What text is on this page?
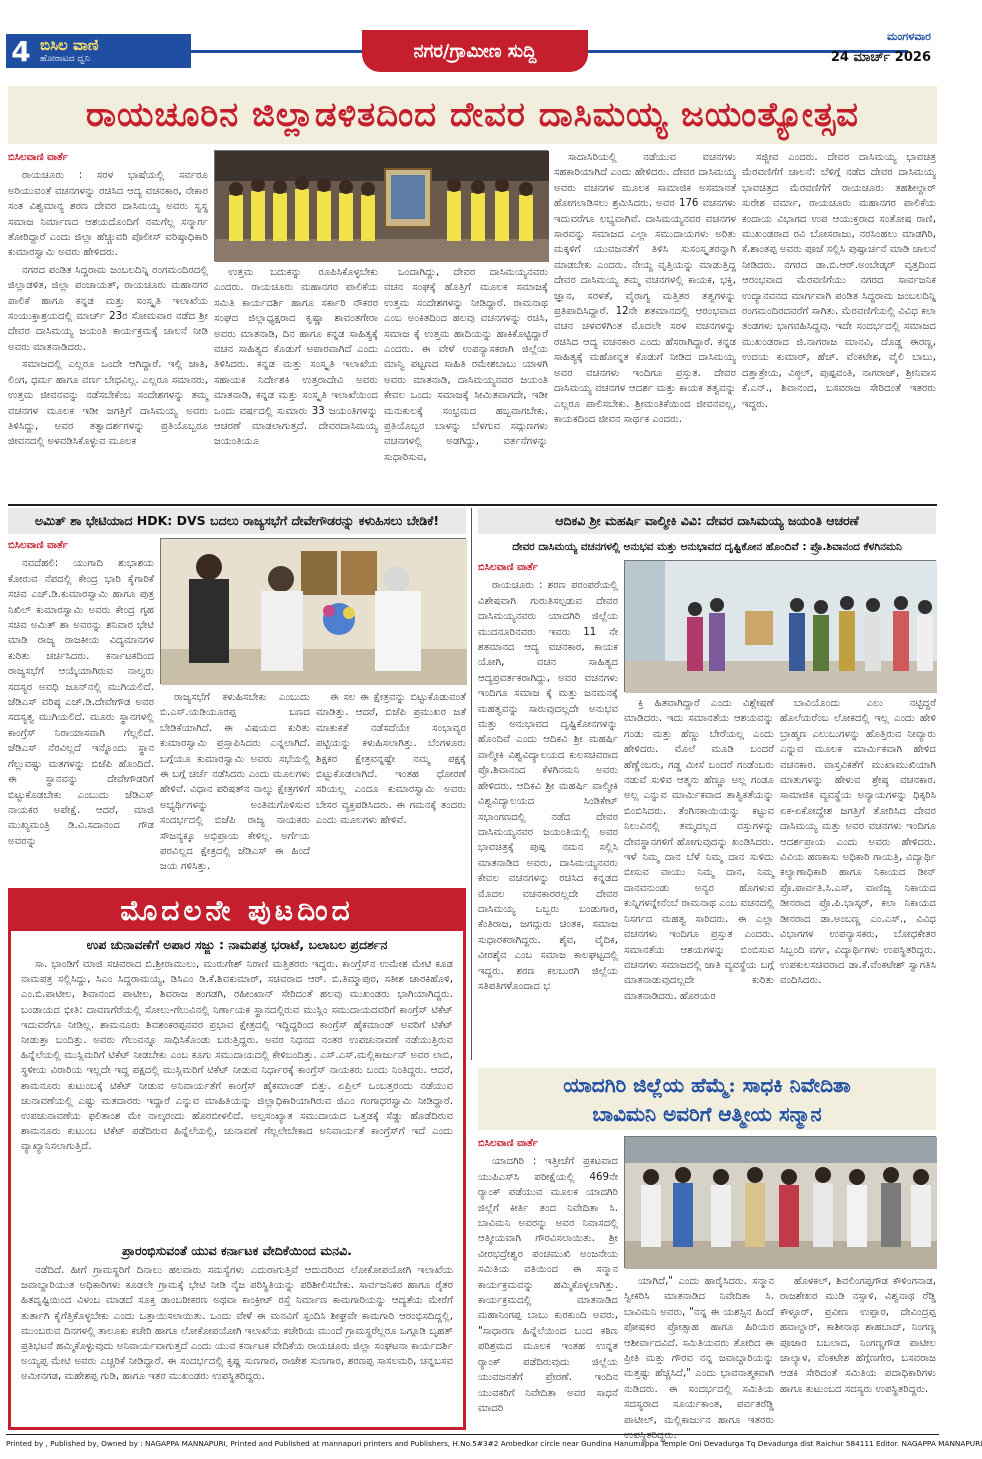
4 ಬಿಸಿಲ ವಾಣಿ
ಹೋರಾಟದ ಧ್ವನಿ	ನಗರ/ಗ್ರಾಮೀಣ ಸುದ್ದಿ
ಮಂಗಳವಾರ
24 ಮಾರ್ಚ್ 2026
ರಾಯಚೂರಿನ ಜಿಲ್ಲಾಡಳಿತದಿಂದ ದೇವರ ದಾಸಿಮಯ್ಯ ಜಯಂತ್ಯೋತ್ಸವ
ಬಿಸಿಲವಾಣಿ ವಾರ್ತೆ

ರಾಯಚೂರು : ಸರಳ ಭಾಷೆಯಲ್ಲಿ ಸರ್ವರೂ ಅರಿಯುವಂತೆ ವಚನಗಳನ್ನು ರಚಿಸಿದ ಆದ್ಯ ವಚನಕಾರ, ನೇಕಾರ ಸಂತ ವಿಶ್ವಮಾನ್ಯ ಶರಣ ದೇವರ ದಾಸಿಮಯ್ಯ ಅವರು ಸ್ವಸ್ಥ ಸಮಾಜ ನಿರ್ಮಾಣದ ಆಶಯದೊಂದಿಗೆ ನಮಗೆಲ್ಲ ಸನ್ಮಾರ್ಗ ತೋರಿದ್ದಾರೆ ಎಂದು ಜಿಲ್ಲಾ ಹೆಚ್ಚುವರಿ ಪೊಲೀಸ್ ವರಿಷ್ಠಾಧಿಕಾರಿ ಕುಮಾರಸ್ವಾಮಿ ಅವರು ಹೇಳಿದರು.

ನಗರದ ಪಂಡಿತ ಸಿದ್ದರಾಮ ಜಂಬಲದಿನ್ನಿ ರಂಗಮಂದಿರದಲ್ಲಿ ಜಿಲ್ಲಾಡಳಿತ, ಜಿಲ್ಲಾ ಪಂಚಾಯತ್, ರಾಯಚೂರು ಮಹಾನಗರ ಪಾಲಿಕೆ ಹಾಗೂ ಕನ್ನಡ ಮತ್ತು ಸಂಸ್ಕೃತಿ ಇಲಾಖೆಯ ಸಂಯುಕ್ತಾಶ್ರಯದಲ್ಲಿ ಮಾರ್ಚ್ 23ರ ಸೋಮವಾರ ನಡೆದ ಶ್ರೀ ದೇವರ ದಾಸಿಮಯ್ಯ ಜಯಂತಿ ಕಾರ್ಯಕ್ರಮಕ್ಕೆ ಚಾಲನೆ ನೀಡಿ ಅವರು ಮಾತನಾಡಿದರು.

ಸಮಾಜದಲ್ಲಿ ಎಲ್ಲರೂ ಒಂದೇ ಆಗಿದ್ದಾರೆ. ಇಲ್ಲಿ ಜಾತಿ, ಲಿಂಗ, ಧರ್ಮ ಹಾಗೂ ವರ್ಣ ಬೇಧವಿಲ್ಲ. ಎಲ್ಲರೂ ಸಮಾನರು, ಉತ್ತಮ ಜೀವನವನ್ನು ನಡೆಸಬೇಕೆಂಬ ಸಂದೇಶಗಳನ್ನು ತಮ್ಮ ವಚನಗಳ ಮೂಲಕ ಇಡೀ ಜಗತ್ತಿಗೆ ದಾಸಿಮಯ್ಯ ಅವರು ತಿಳಿಸಿದ್ದು, ಅವರ ತತ್ವಾದರ್ಶಗಳನ್ನು ಪ್ರತಿಯೊಬ್ಬರೂ ಜೀವನದಲ್ಲಿ ಅಳವಡಿಸಿಕೊಳ್ಳುವ ಮೂಲಕ

ಉತ್ತಮ ಬದುಕನ್ನು ರೂಪಿಸಿಕೊಳ್ಳಬೇಕು ಎಂದರು. ರಾಯಚೂರು ಮಹಾನಗರ ಪಾಲಿಕೆಯ ಸಮಿತಿ ಕಾರ್ಯದರ್ಶಿ ಹಾಗೂ ಸರ್ಕಾರಿ ನೌಕರರ ಸಂಘದ ಜಿಲ್ಲಾಧ್ಯಕ್ಷರಾದ ಕೃಷ್ಣಾ ಶಾವಂತಗೇರಾ ಅವರು ಮಾತನಾಡಿ, ದಿನ ಹಾಗೂ ಕನ್ನಡ ಸಾಹಿತ್ಯಕ್ಕೆ ವಚನ ಸಾಹಿತ್ಯದ ಕೊಡುಗೆ ಅಪಾರವಾಗಿದೆ ಎಂದು ತಿಳಿಸಿದರು. ಕನ್ನಡ ಮತ್ತು ಸಂಸ್ಕೃತಿ ಇಲಾಖೆಯ ಸಹಾಯಕ ನಿರ್ದೇಶಕಿ ಉತ್ತರಾದೇವಿ ಅವರು ಮಾತನಾಡಿ, ಕನ್ನಡ ಮತ್ತು ಸಂಸ್ಕೃತಿ ಇಲಾಖೆಯಿಂದ ಒಂದು ವರ್ಷದಲ್ಲಿ ಸುಮಾರು 33 ಜಯಂತಿಗಳನ್ನು ಆಚರಣೆ ಮಾಡಲಾಗುತ್ತದೆ. ದೇವರದಾಸಿಮಯ್ಯ ಜಯಂತಿಯೂ

ಒಂದಾಗಿದ್ದು, ದೇವರ ದಾಸಿಮಯ್ಯನವರು ವಚನ ಸಂಘಕ್ಕೆ ಹೊತ್ತಿಗೆ ಮೂಲಕ ಸಮಾಜಕ್ಕೆ ಉತ್ತಮ ಸಂದೇಶಗಳನ್ನು ನೀಡಿದ್ದಾರೆ. ರಾಮನಾಥ ಎಂಬ ಅಂಕಿತದಿಂದ ಹಲವು ವಚನಗಳನ್ನು ರಚಿಸಿ, ಸಮಾಜ ಕ್ಕೆ ಉತ್ತಮ ಹಾದಿಯನ್ನು ಹಾಕಿಕೊಟ್ಟಿದ್ದಾರೆ ಎಂದರು. ಈ ವೇಳೆ ಉಪನ್ಯಾಸಕರಾಗಿ ಜಿಲ್ಲೆಯ ಮಾನ್ವಿ ಪಟ್ಟಣದ ಸಾಹಿತಿ ರಮೇಶಬಾಬು ಯಾಳಗಿ ಅವರು ಮಾತನಾಡಿ, ದಾಸಿಮಯ್ಯನವರ ಜಯಂತಿ ಕೇವಲ ಒಂದು ಸಮಾಜಕ್ಕೆ ಸೀಮಿತವಾಗದೇ, ಇಡೀ ಮನುಕುಲಕ್ಕೆ ಸಂಭ್ರಮದ ಹಬ್ಬವಾಗಬೇಕು. ಪ್ರತಿಯೊಬ್ಬರ ಬಾಳನ್ನು ಬೆಳಗುವ ಸದ್ಗುಣಗಳು ವಚನಗಳಲ್ಲಿ ಅಡಗಿದ್ದು, ವರ್ತನೆಗಳನ್ನು ಸುಧಾರಿಸುವ,

ಸಾದಾಸಿರಿಯಲ್ಲಿ ನಡೆಯುವ ವಚನಗಳು ಸಹಕಾರಿಯಾಗಿದೆ ಎಂದು ಹೇಳಿದರು. ದೇವರ ದಾಸಿಮಯ್ಯ ಅವರು ವಚನಗಳ ಮೂಲಕ ಸಾಮಾಜಿಕ ಅಸಮಾನತೆ ಹೋಗಲಾಡಿಸಲು ಶ್ರಮಿಸಿದರು. ಅವರ 176 ವಚನಗಳು ಇದುವರೆಗೂ ಲಭ್ಯವಾಗಿವೆ. ದಾಸಿಮಯ್ಯನವರ ವಚನಗಳ ಸಾರವನ್ನು ಸಮಾಜದ ಎಲ್ಲಾ ಸಮುದಾಯಗಳು ಅರಿತು ಮಕ್ಕಳಿಗೆ ಯುವಜನತೆಗೆ ತಿಳಿಸಿ ಸುಸಂಸ್ಕೃತರನ್ನಾಗಿ ಮಾಡಬೇಕು ಎಂದರು. ನೇಯ್ದ ವೃತ್ತಿಯನ್ನು ಮಾಡುತ್ತಿದ್ದ ದೇವರ ದಾಸಿಮಯ್ಯ ತಮ್ಮ ವಚನಗಳಲ್ಲಿ ಕಾಯಕ, ಭಕ್ತಿ, ಜ್ಞಾನ, ಸರಳತೆ, ವೈರಾಗ್ಯ ಮತ್ತಿತರ ತತ್ವಗಳನ್ನು ಪ್ರತಿಪಾದಿಸಿದ್ದಾರೆ. 12ನೇ ಶತಮಾನದಲ್ಲಿ ಆರಂಭವಾದ ವಚನ ಚಳವಳಿಗಿಂತ ಮೊದಲೇ ಸರಳ ವಚನಗಳನ್ನು ರಚಿಸಿದ ಆದ್ಯ ವಚನಕಾರ ಎಂದು ಹೆಸರಾಗಿದ್ದಾರೆ. ಕನ್ನಡ ಸಾಹಿತ್ಯಕ್ಕೆ ಮಹೋನ್ನತ ಕೊಡುಗೆ ನೀಡಿದ ದಾಸಿಮಯ್ಯ ಅವರ ವಚನಗಳು ಇಂದಿಗೂ ಪ್ರಸ್ತುತ. ದೇವರ ದಾಸಿಮಯ್ಯ ವಚನಗಳ ಆದರ್ಶ ಮತ್ತು ಕಾಯಕ ತತ್ವವನ್ನು ಎಲ್ಲರೂ ಪಾಲಿಸಬೇಕು. ಶ್ರೀಮಂತಿಕೆಯಿಂದ ಜೀವನವಲ್ಲ, ಕಾಯಕದಿಂದ ಜೀವನ ಸಾರ್ಥಕ ಎಂದರು.

ಸಜ್ಜೀವ ಎಂದರು. ದೇವರ ದಾಸಿಮಯ್ಯ ಭಾವಚಿತ್ರ ಮೆರವಣಿಗೆಗೆ ಚಾಲನೆ: ಬೆಳಿಗ್ಗೆ ನಡೆದ ದೇವರ ದಾಸಿಮಯ್ಯ ಭಾವಚಿತ್ರದ ಮೆರವಣಿಗೆಗೆ ರಾಯಚೂರು ತಹಶೀಲ್ದಾರ್ ಸುರೇಶ ವರ್ಮಾ, ರಾಯಚೂರು ಮಹಾನಗರ ಪಾಲಿಕೆಯ ಕಂದಾಯ ವಿಭಾಗದ ಉಪ ಆಯುಕ್ತರಾದ ಸಂತೋಷ ರಾಣಿ, ಮುಖಂಡರಾದ ರವಿ ಬೋಸರಾಜು, ನರಸಿಂಹಲು ಮಾಡಗಿರಿ, ಕೆ.ಶಾಂತಪ್ಪ ಅವರು ಪೂಜೆ ಸಲ್ಲಿಸಿ ಪುಷ್ಪಾರ್ಚನೆ ಮಾಡಿ ಚಾಲನೆ ನೀಡಿದರು. ನಗರದ ಡಾ.ಬಿ.ಆರ್.ಅಂಬೇಡ್ಕರ್ ವೃತ್ತದಿಂದ ಆರಂಭವಾದ ಮೆರವಣಿಗೆಯು ನಗರದ ಸಾರ್ವಜನಿಕ ಉದ್ಯಾನವನದ ಮಾರ್ಗವಾಗಿ ಪಂಡಿತ ಸಿದ್ಧರಾಮ ಜಂಬಲದಿನ್ನಿ ರಂಗಮಂದಿರದವರೆಗೆ ಸಾಗಿತು. ಮೆರವಣಿಗೆಯಲ್ಲಿ ವಿವಿಧ ಕಲಾ ತಂಡಗಳು ಭಾಗವಹಿಸಿದ್ದವು. ಇದೇ ಸಂದರ್ಭದಲ್ಲಿ ಸಮಾಜದ ಮುಖಂಡರಾದ ಜಿ.ನಾಗರಾಜ ಮಾನವಿ, ದೊಡ್ಡ ಈರಣ್ಣ, ಉದಯ ಕುಮಾರ್, ಹೆಚ್. ವೆಂಕಟೇಶ, ವೈಲಿ ಬಾಬು, ದತ್ತಾತ್ರೇಯ, ವಿಠ್ಠಲ್, ಪುಷ್ಪವಂತಿ, ನಾಗರಾಜ್, ಶ್ರೀನಿವಾಸ ಕೆ.ಎನ್., ಶಿವಾನಂದ, ಬಸವರಾಜ ಸೇರಿದಂತೆ ಇತರರು ಇದ್ದರು.

ಅಮಿತ್ ಶಾ ಭೇಟಿಯಾದ HDK: DVS ಬದಲು ರಾಜ್ಯಸಭೆಗೆ ದೇವೇಗೌಡರನ್ನು ಕಳುಹಿಸಲು ಬೇಡಿಕೆ!
ಬಿಸಿಲವಾಣಿ ವಾರ್ತೆ

ನವದೆಹಲಿ: ಯುಗಾದಿ ಶುಭಾಶಯ ಕೋರುವ ನೆಪದಲ್ಲಿ ಕೇಂದ್ರ ಭಾರಿ ಕೈಗಾರಿಕೆ ಸಚಿವ ಎಚ್.ಡಿ.ಕುಮಾರಸ್ವಾಮಿ ಹಾಗೂ ಪುತ್ರ ನಿಖಿಲ್ ಕುಮಾರಸ್ವಾಮಿ ಅವರು ಕೇಂದ್ರ ಗೃಹ ಸಚಿವ ಅಮಿತ್ ಶಾ ಅವರನ್ನು ಶನಿವಾರ ಭೇಟಿ ಮಾಡಿ ರಾಜ್ಯ ರಾಜಕೀಯ ವಿದ್ಯಮಾನಗಳ ಕುರಿತು ಚರ್ಚಿಸಿದರು. ಕರ್ನಾಟಕದಿಂದ ರಾಜ್ಯಸಭೆಗೆ ಆಯ್ಕೆಯಾಗಿರುವ ನಾಲ್ವರು ಸದಸ್ಯರ ಅವಧಿ ಜೂನ್‌ನಲ್ಲಿ ಮುಗಿಯಲಿದೆ. ಜೆಡಿಎಸ್ ವರಿಷ್ಠ ಎಚ್.ಡಿ.ದೇವೇಗೌಡ ಅವರ ಸದಸ್ಯತ್ವ ಮುಗಿಯಲಿದೆ. ಮೂರು ಸ್ಥಾನಗಳಲ್ಲಿ ಕಾಂಗ್ರೆಸ್ ನಿರಾಯಾಸವಾಗಿ ಗೆಲ್ಲಲಿದೆ. ಜೆಡಿಎಸ್ ನೆರವಿಲ್ಲದೆ ಇನ್ನೊಂದು ಸ್ಥಾನ ಗೆಲ್ಲುವಷ್ಟು ಮತಗಳನ್ನು ಬಿಜೆಪಿ ಹೊಂದಿದೆ. ಈ ಸ್ಥಾನವನ್ನು ದೇವೇಗೌಡರಿಗೆ ಬಿಟ್ಟುಕೊಡಬೇಕು ಎಂಬುದು ಜೆಡಿಎಸ್ ನಾಯಕರ ಅಪೇಕ್ಷೆ. ಆದರೆ, ಮಾಜಿ ಮುಖ್ಯಮಂತ್ರಿ ಡಿ.ವಿ.ಸದಾನಂದ ಗೌಡ ಅವರನ್ನು

ರಾಜ್ಯಸಭೆಗೆ ಕಳುಹಿಸಬೇಕು ಎಂಬುದು ಬಿ.ಎಸ್.ಯಡಿಯೂರಪ್ಪ ಬಣದ ಬೇಡಿಕೆಯಾಗಿದೆ. ಈ ವಿಷಯದ ಕುರಿತು ಕುಮಾರಸ್ವಾಮಿ ಪ್ರಸ್ತಾಪಿಸಿದರು ಎನ್ನಲಾಗಿದೆ. ಬಗ್ಗೆಯೂ ಕುಮಾರಸ್ವಾಮಿ ಅವರು ಸಭೆಯಲ್ಲಿ ಈ ಬಗ್ಗೆ ಚರ್ಚೆ ನಡೆಸಿದರು ಎಂದು ಮೂಲಗಳು ಹೇಳಿವೆ. ವಿಧಾನ ಪರಿಷತ್‌ನ ನಾಲ್ಕು ಕ್ಷೇತ್ರಗಳಿಗೆ ಅಭ್ಯರ್ಥಿಗಳನ್ನು ಅಂತಿಮಗೊಳಿಸುವ ಸಂದರ್ಭದಲ್ಲಿ ಬಿಜೆಪಿ ರಾಜ್ಯ ನಾಯಕರು ಸೌಜನ್ಯಕ್ಕೂ ಅಭಿಪ್ರಾಯ ಕೇಳಿಲ್ಲ. ಅರ್ಗೆಯ ಪರವಿಲ್ಲದ ಕ್ಷೇತ್ರದಲ್ಲಿ ಜೆಡಿಎಸ್ ಈ ಹಿಂದೆ ಜಯ ಗಳಿಸಿತ್ತು.

ಈ ಸಲ ಈ ಕ್ಷೇತ್ರವನ್ನು ಬಿಟ್ಟುಕೊಡುವಂತೆ ಮಾಡಿತ್ತು. ಆದರೆ, ಬಿಜೆಪಿ ಪ್ರಮುಖರ ಜತೆ ಮಾತುಕತೆ ನಡೆಸದೆಯೇ ಸಂಭಾವ್ಯರ ಪಟ್ಟಿಯನ್ನು ಕಳುಹಿಸಲಾಗಿತ್ತು. ಬೆಂಗಳೂರು ಶಿಕ್ಷಕರ ಕ್ಷೇತ್ರವನ್ನಷ್ಟೇ ನಮ್ಮ ಪಕ್ಷಕ್ಕೆ ಬಿಟ್ಟುಕೊಡಲಾಗಿದೆ. ಇಂತಹ ಧೋರಣೆ ಸರಿಯಲ್ಲ ಎಂದೂ ಕುಮಾರಸ್ವಾಮಿ ಅವರು ಬೇಸರ ವ್ಯಕ್ತಪಡಿಸಿದರು. ಈ ಗಮನಕ್ಕೆ ತಂದರು ಎಂದು ಮೂಲಗಳು ಹೇಳಿವೆ.

ಮೊದಲನೇ ಪುಟದಿಂದ
ಉಪ ಚುನಾವಣೆಗೆ ಅಪಾರ ಸಜ್ಜು : ನಾಮಪತ್ರ ಭರಾಟೆ, ಬಲಾಬಲ ಪ್ರದರ್ಶನ

ಸಾ. ಭಾಂಡಿಗೆ ಮಾಜಿ ಸಚಿವರಾದ ಬಿ.ಶ್ರೀರಾಮುಲು, ಮುರುಗೇಶ್ ನಿರಾಣಿ ಮತ್ತಿತರರು ಇದ್ದರು. ಕಾಂಗ್ರೆಸ್‌ನ ಉಮೇಶ ಮೇಟಿ ಕೂಡ ನಾಮಪತ್ರ ಸಲ್ಲಿಸಿದ್ದು, ಸಿಎಂ ಸಿದ್ದರಾಮಯ್ಯ, ಡಿಸಿಎಂ ಡಿ.ಕೆ.ಶಿವಕುಮಾರ್, ಸಚಿವರಾದ ಆರ್. ಬಿ.ತಿಮ್ಮಾಪುರ, ಸತೀಶ ಜಾರಕಿಹೊಳಿ, ಎಂ.ಬಿ.ಪಾಟೀಲ, ಶಿವಾನಂದ ಪಾಟೀಲ, ಶಿವರಾಜ ತಂಗಡಗಿ, ರಹೀಂಖಾನ್ ಸೇರಿದಂತೆ ಹಲವು ಮುಖಂಡರು ಭಾಗಿಯಾಗಿದ್ದರು. ಬಂಡಾಯದ ಭೀತಿ: ದಾವಣಗೆರೆಯಲ್ಲಿ ಸೋಲು-ಗೆಲುವಿನಲ್ಲಿ ನಿರ್ಣಾಯಕ ಸ್ಥಾನದಲ್ಲಿರುವ ಮುಸ್ಲಿಂ ಸಮುದಾಯದವರಿಗೆ ಕಾಂಗ್ರೆಸ್ ಟಿಕೆಟ್ ಇದುವರೆಗೂ ನೀಡಿಲ್ಲ. ಶಾಮನೂರು ಶಿವಶಂಕರಪ್ಪನವರ ಪ್ರಭಾವ ಕ್ಷೇತ್ರದಲ್ಲಿ ಇದ್ದಿದ್ದರಿಂದ ಕಾಂಗ್ರೆಸ್ ಹೈಕಮಾಂಡ್ ಅವರಿಗೆ ಟಿಕೆಟ್ ನೀಡುತ್ತಾ ಬಂದಿತ್ತು. ಅವರು ಗೆಲುವನ್ನೂ ಸಾಧಿಸಿಕೊಂಡು ಬರುತ್ತಿದ್ದರು. ಅವರ ನಿಧನದ ನಂತರ ಉಪಚುನಾವಣೆ ನಡೆಯುತ್ತಿರುವ ಹಿನ್ನೆಲೆಯಲ್ಲಿ ಮುಸ್ಲಿಮರಿಗೆ ಟಿಕೆಟ್ ನೀಡಬೇಕು ಎಂಬ ಕೂಗು ಸಮುದಾಯದಲ್ಲಿ ಕೇಳಿಬಂದಿತ್ತು. ಎಸ್.ಎಸ್.ಮಲ್ಲಿಕಾರ್ಜುನ್ ಅವರ ಲಾಬಿ, ಸ್ಥಳೀಯ ವಿರಾರಿಯ ಇಲ್ಲದೇ ಇದ್ದ ಪಕ್ಷದಲ್ಲಿ ಮುಸ್ಲಿಮರಿಗೆ ಟಿಕೆಟ್ ನೀಡುವ ನಿರ್ಧಾರಕ್ಕೆ ಕಾಂಗ್ರೆಸ್ ನಾಯಕರು ಬಂದು ನಿಂತಿದ್ದರು. ಆದರೆ, ಶಾಮನೂರು ಕುಟುಂಬಕ್ಕೆ ಟಿಕೆಟ್ ನೀಡುವ ಅನಿವಾರ್ಯತೆಗೆ ಕಾಂಗ್ರೆಸ್ ಹೈಕಮಾಂಡ್ ಬಿತ್ತು. ಏಪ್ರಿಲ್ ಒಂಬತ್ತರಂದು ನಡೆಯುವ ಚುನಾವಣೆಯಲ್ಲಿ ಎಷ್ಟು ಮತದಾರರು ಇದ್ದಾರೆ ಎನ್ನುವ ಮಾಹಿತಿಯನ್ನು ಜಿಲ್ಲಾಧಿಕಾರಿಯಾಗಿರುವ ಜಿಎಂ ಗಂಗಾಧರಸ್ವಾಮಿ ನೀಡಿದ್ದಾರೆ. ಉಪಚುನಾವಣೆಯ ಫಲಿತಾಂಶ ಮೇ ನಾಲ್ಕರಂದು ಹೊರಬೀಳಲಿದೆ. ಅಲ್ಪಸಂಖ್ಯಾತ ಸಮುದಾಯದ ಒತ್ತಡಕ್ಕೆ ಸೆಡ್ಡು ಹೊಡೆದಿರುವ ಶಾಮನೂರು ಕುಟುಂಬ ಟಿಕೆಟ್ ಪಡೆದಿರುವ ಹಿನ್ನೆಲೆಯಲ್ಲಿ, ಚುನಾವಣೆ ಗೆಲ್ಲಲೇಬೇಕಾದ ಅನಿವಾರ್ಯತೆ ಕಾಂಗ್ರೆಸ್‌ಗೆ ಇದೆ ಎಂದು ವ್ಯಾಖ್ಯಾನಿಸಲಾಗುತ್ತಿದೆ.

ಪ್ರಾರಂಭಿಸುವಂತೆ ಯುವ ಕರ್ನಾಟಕ ವೇದಿಕೆಯಿಂದ ಮನವಿ.

ನಡೆದಿದೆ. ಹೀಗೆ ಗ್ರಾಮಸ್ಥರಿಗೆ ದಿನಾಲು ಹಲವಾರು ಸಮಸ್ಯೆಗಳು ಎದುರಾಗುತ್ತಿವೆ ಆದುದರಿಂದ ಲೋಕೋಪಯೋಗಿ ಇಲಾಖೆಯ ಜವಾಬ್ದಾರಿಯುತ ಅಧಿಕಾರಿಗಳು ಕೂಡಲೇ ಗ್ರಾಮಕ್ಕೆ ಭೇಟಿ ನೀಡಿ ನೈಜ ಪರಿಸ್ಥಿತಿಯನ್ನು ಪರಿಶೀಲಿಸಬೇಕು. ಸಾರ್ವಜನಿಕರ ಹಾಗೂ ರೈತರ ಹಿತದೃಷ್ಟಿಯಿಂದ ವಿಳಂಬ ಮಾಡದೆ ಸೂಕ್ತ ಡಾಂಬರೀಕರಣ ಅಥವಾ ಕಾಂಕ್ರೀಟ್ ರಸ್ತೆ ನಿರ್ಮಾಣ ಕಾಮಗಾರಿಯನ್ನು ಆದ್ಯತೆಯ ಮೇರೆಗೆ ತುರ್ತಾಗಿ ಕೈಗೆತ್ತಿಕೊಳ್ಳಬೇಕು ಎಂದು ಒತ್ತಾಯಿಸಲಾಯಿತು. ಒಂದು ವೇಳೆ ಈ ಮನವಿಗೆ ಸ್ಪಂದಿಸಿ ಶೀಘ್ರವೇ ಕಾಮಗಾರಿ ಆರಂಭಿಸದಿದ್ದಲ್ಲಿ, ಮುಂಬರುವ ದಿನಗಳಲ್ಲಿ ತಾಲೂಕು ಕಚೇರಿ ಹಾಗೂ ಲೋಕೋಪಯೋಗಿ ಇಲಾಖೆಯ ಕಚೇರಿಯ ಮುಂದೆ ಗ್ರಾಮಸ್ಥರೆಲ್ಲರೂ ಒಗ್ಗೂಡಿ ಬೃಹತ್ ಪ್ರತಿಭಟನೆ ಹಮ್ಮಿಕೊಳ್ಳುವುದು ಅನಿವಾರ್ಯವಾಗುತ್ತದೆ ಎಂದು ಯುವ ಕರ್ನಾಟಕ ವೇದಿಕೆಯ ರಾಯಚೂರು ಜಿಲ್ಲಾ ಸಂಘಟನಾ ಕಾರ್ಯದರ್ಶಿ ಅಯ್ಯಪ್ಪ ಮೇಟಿ ಅವರು ಎಚ್ಚರಿಕೆ ನೀಡಿದ್ದಾರೆ. ಈ ಸಂದರ್ಭದಲ್ಲಿ ಕೃಷ್ಣ ಸುಣಗಾರ, ರಾಜೇಶ ಸುಣಗಾರ, ಶರಣಪ್ಪ ಸಾಸಲಮರಿ, ಚನ್ನಬಸವ ಅಮೀನಗಡ, ಮಹೇಶಪ್ಪ ಗುಡಿ, ಹಾಗೂ ಇತರ ಮುಖಂಡರು ಉಪಸ್ಥಿತರಿದ್ದರು.

ಆದಿಕವಿ ಶ್ರೀ ಮಹರ್ಷಿ ವಾಲ್ಮೀಕಿ ವಿವಿ: ದೇವರ ದಾಸಿಮಯ್ಯ ಜಯಂತಿ ಆಚರಣೆ
ದೇವರ ದಾಸಿಮಯ್ಯ ವಚನಗಳಲ್ಲಿ ಅನುಭವ ಮತ್ತು ಅನುಭಾವದ ದೃಷ್ಟಿಕೋನ ಹೊಂದಿವೆ : ಪ್ರೊ.ಶಿವಾನಂದ ಕೆಳಗಿನಮನಿ
ಬಿಸಿಲವಾಣಿ ವಾರ್ತೆ

ರಾಯಚೂರು : ಶರಣ ಪರಂಪರೆಯಲ್ಲಿ ವಿಶೇಷವಾಗಿ ಗುರುತಿಸಲ್ಪಡುವ ದೇವರ ದಾಸಿಮಯ್ಯನವರು ಯಾದಗಿರಿ ಜಿಲ್ಲೆಯ ಮುದನೂರಿನವರು ಇವರು 11 ನೇ ಶತಮಾನದ ಆದ್ಯ ವಚನಕಾರ, ಕಾಯಕ ಯೋಗಿ, ವಚನ ಸಾಹಿತ್ಯದ ಆದ್ಯಪ್ರವರ್ತಕರಾಗಿದ್ದು, ಅವರ ವಚನಗಳು ಇಂದಿಗೂ ಸಮಾಜ ಕ್ಕೆ ಮತ್ತು ಜನಮನಕ್ಕೆ ಮಹತ್ವವನ್ನು ಸಾರುವುದಲ್ಲದೇ ಅನುಭವ ಮತ್ತು ಅನುಭಾವದ ದೃಷ್ಟಿಕೋನಗಳನ್ನು ಹೊಂದಿವೆ ಎಂದು ಆದಿಕವಿ ಶ್ರೀ ಮಹರ್ಷಿ ವಾಲ್ಮೀಕಿ ವಿಶ್ವವಿದ್ಯಾಲಯದ ಕುಲಸಚಿವರಾದ ಪ್ರೊ.ಶಿವಾನಂದ ಕೆಳಗಿನಮನಿ ಅವರು ಹೇಳಿದರು. ಆದಿಕವಿ ಶ್ರೀ ಮಹರ್ಷಿ ವಾಲ್ಮೀಕಿ ವಿಶ್ವವಿದ್ಯಾಲಯದ ಸಿಂಡಿಕೇಟ್ ಸಭಾಂಗಣದಲ್ಲಿ ನಡೆದ ದೇವರ ದಾಸಿಮಯ್ಯನವರ ಜಯಂತಿಯಲ್ಲಿ ಅವರ ಭಾವಚಿತ್ರಕ್ಕೆ ಪುಷ್ಪ ನಮನ ಸಲ್ಲಿಸಿ ಮಾತನಾಡಿದ ಅವರು, ದಾಸಿಮಯ್ಯನವರು ಕೇವಲ ವಚನಗಳನ್ನು ರಚಿಸಿದ ಕನ್ನಡದ ಮೊದಲ ವಚನಕಾರರಲ್ಲದೇ ದೇವರ ದಾಸಿಮಯ್ಯ ಒಬ್ಬರು ಬಂಡುಗಾರ, ಕೆಂತಿರಾಜ, ಜಗದ್ಗುರು ಚಿಂತಕ, ಸಮಾಜ ಸುಧಾರಕರಾಗಿದ್ದರು. ಶೈವ, ವೈದಿಕ, ವೀರಶೈವ ಎಂಬ ಸಮಾಜ ಕಾಲಘಟ್ಟದಲ್ಲಿ ಇದ್ದರು. ಶರಣ ಕಲಬುರಗಿ ಜಿಲ್ಲೆಯ ಸತಿಪತಿಗಳೊಂದಾದ ಭ

ಕ್ತಿ ಹಿತವಾಗಿದ್ದಾರೆ ಎಂದು ವಿಶ್ಲೇಷಣೆ ಮಾಡಿದರು. ಇದು ಸಮಾನತೆಯ ಆಶಯವನ್ನು ಗಂಡು ಮತ್ತು ಹೆಣ್ಣು ಬೇರೆಯಲ್ಲ ಎಂದು ಹೇಳಿದರು. ಮೊಲೆ ಮೂಡಿ ಬಂದರೆ ಹೆಣ್ಣೆಂಬರು, ಗಡ್ಡ ಮೀಸೆ ಬಂದರೆ ಗಂಡೆಂಬರು ನಡುವೆ ಸುಳಿವ ಆತ್ಮನು ಹೆಣ್ಣೂ ಅಲ್ಲ ಗಂಡೂ ಅಲ್ಲ ಎನ್ನುವ ಮಾರ್ಮಿಕವಾದ ತಾತ್ವಿಕತೆಯನ್ನು ಬಿಂಬಿಸಿದರು. ತೆಂಗಿನಕಾಯಿಯನ್ನು ಕಟ್ಟುವ ನಿಲುವಿನಲ್ಲಿ ತಮ್ಮದಲ್ಲದ ವಸ್ತುಗಳನ್ನು ದೇವಸ್ಥಾನಗಳಿಗೆ ಹೋಗುವುದನ್ನು ಖಂಡಿಸಿದರು. ಇಳೆ ನಿಮ್ಮ ದಾನ ಬೆಳೆ ನಿಮ್ಮ ದಾನ ಸುಳಿದು ಬೀಸುವ ವಾಯು ನಿಮ್ಮ ದಾನ, ನಿಮ್ಮ ದಾನವನುಂಡು ಅನ್ಯರ ಹೊಗಳುವ ಕುನ್ನಿಗಳನ್ನೇನೆಂಬೆ ರಾಮನಾಥ ಎಂಬ ವಚನದಲ್ಲಿ ನಿಸರ್ಗದ ಮಹತ್ವ ಸಾರಿದರು. ಈ ಎಲ್ಲಾ ವಚನಗಳು ಇಂದಿಗೂ ಪ್ರಸ್ತುತ ಎಂದರು. ಸಮಾನತೆಯ ಆಶಯಗಳನ್ನು ಬಿಂಬಿಸುವ ವಚನಗಳು ಸಮಾಜದಲ್ಲಿ ಜಾತಿ ವ್ಯವಸ್ಥೆಯ ಬಗ್ಗೆ ಮಾತನಾಡುವುದಲ್ಲದೇ ಕುರಿತು ಮಾತನಾಡಿದರು. ಹೊರಯರ

ಬಾವಿಯೊಂದು ಎಲು ನಟ್ಟಿದ್ದರೆ ಹೊಲೆಯರೆಂಬ ಲೋಕದಲ್ಲಿ ಇಲ್ಲ ಎಂದು ಹೇಳಿ ಬ್ರಾಹ್ಮಣ ಎಲುಬುಗಳನ್ನು ಹೊತ್ತಿರುವ ನೀವ್ಯಾರು ಎನ್ನುವ ಮೂಲಕ ಮಾರ್ಮಿಕವಾಗಿ ಹೇಳಿದ ವಚನಕಾರ. ವಾಸ್ತವಿಕತೆಗೆ ಮುಖಾಮುಖಿಯಾಗಿ ಮಾತುಗಳನ್ನು ಹೇಳುವ ಶ್ರೇಷ್ಠ ವಚನಕಾರ. ಸಾಮಾಜಿಕ ವ್ಯವಸ್ಥೆಯ ಅನ್ಯಾಯಗಳನ್ನು ಧಿಕ್ಕರಿಸಿ ಏಕ-ಏಕೋದ್ದೇಶ ಜಗತ್ತಿಗೆ ತೋರಿಸಿದ ದೇವರ ದಾಸಿಮಯ್ಯ ಮತ್ತು ಅವರ ವಚನಗಳು ಇಂದಿಗೂ ಆದರ್ಶಪ್ರಾಯ ಎಂದು ಅವರು ಹೇಳಿದರು. ವಿವಿಯ ಹಣಕಾಸು ಅಧಿಕಾರಿ ಗಾಯತ್ರಿ, ವಿದ್ಯಾರ್ಥಿ ಕಲ್ಯಾಣಾಧಿಕಾರಿ ಹಾಗೂ ನಿಕಾಯದ ಡೀನ್ ಪ್ರೊ.ಪಾರ್ವತಿ.ಸಿ.ಎಸ್, ವಾಣಿಜ್ಯ ನಿಕಾಯದ ಡೀನರಾದ ಪ್ರೊ.ಪಿ.ಭಾಸ್ಕರ್, ಕಲಾ ನಿಕಾಯದ ಡೀನರಾದ ಡಾ.ಅಂಬಣ್ಣ ಎಂ.ಎಸ್., ವಿವಿಧ ವಿಭಾಗಗಳ ಉಪನ್ಯಾಸಕರು, ಬೋಧಕೇತರ ಸಿಬ್ಬಂದಿ ವರ್ಗ, ವಿದ್ಯಾರ್ಥಿಗಳು ಉಪಸ್ಥಿತರಿದ್ದರು. ಉಪಕುಲಸಚಿವರಾದ ಡಾ.ಕೆ.ವೆಂಕಟೇಶ್ ಸ್ವಾಗತಿಸಿ ವಂದಿಸಿದರು.

ಯಾದಗಿರಿ ಜಿಲ್ಲೆಯ ಹೆಮ್ಮೆ: ಸಾಧಕಿ ನಿವೇದಿತಾ
ಬಾವಿಮನಿ ಅವರಿಗೆ ಆತ್ಮೀಯ ಸನ್ಮಾನ
ಬಿಸಿಲವಾಣಿ ವಾರ್ತೆ

ಯಾದಗಿರಿ : ಇತ್ತೀಚೆಗೆ ಪ್ರಕಟವಾದ ಯುಪಿಎಸ್‌ಸಿ ಪರೀಕ್ಷೆಯಲ್ಲಿ 469ನೇ ರ‍್ಯಾಂಕ್ ಪಡೆಯುವ ಮೂಲಕ ಯಾದಗಿರಿ ಜಿಲ್ಲೆಗೆ ಕೀರ್ತಿ ತಂದ ನಿವೇದಿತಾ ಸಿ. ಬಾವಿಮನಿ ಅವರನ್ನು ಅವರ ನಿವಾಸದಲ್ಲಿ ಆತ್ಮೀಯವಾಗಿ ಗೌರವಿಸಲಾಯಿತು. ಶ್ರೀ ವೀರಭದ್ರೇಶ್ವರ ಪಂಚಮುಖಿ ಅಂಜನೇಯ ಸಮಿತಿಯ ವತಿಯಿಂದ ಈ ಸನ್ಮಾನ ಕಾರ್ಯಕ್ರಮವನ್ನು ಹಮ್ಮಿಕೊಳ್ಳಲಾಗಿತ್ತು. ಕಾರ್ಯಕ್ರಮದಲ್ಲಿ ಮಾತನಾಡಿದ ಮಹಾನಿಂಗಪ್ಪ ಬಾಬು ಕುರಕುಂದಿ ಅವರು, "ಸಾಧಾರಣ ಹಿನ್ನೆಲೆಯಿಂದ ಬಂದ ಕಠಿಣ ಪರಿಶ್ರಮದ ಮೂಲಕ ಇಂತಹ ಉನ್ನತ ರ‍್ಯಾಂಕ್ ಪಡೆದಿರುವುದು ಜಿಲ್ಲೆಯ ಯುವಜನತೆಗೆ ಪ್ರೇರಣೆ. ಇಂದಿನ ಯುವಕರಿಗೆ ನಿವೇದಿತಾ ಅವರ ಸಾಧನೆ ಮಾದರಿ

ಯಾಗಿದೆ," ಎಂದು ಹಾರೈಸಿದರು. ಸನ್ಮಾನ ಸ್ವೀಕರಿಸಿ ಮಾತನಾಡಿದ ನಿವೇದಿತಾ ಸಿ. ಬಾವಿಮನಿ ಅವರು, "ನನ್ನ ಈ ಯಶಸ್ಸಿನ ಹಿಂದೆ ಪೋಷಕರ ಪ್ರೋತ್ಸಾಹ ಹಾಗೂ ಹಿರಿಯರ ಆಶೀರ್ವಾದವಿದೆ. ಸಮಿತಿಯವರು ತೋರಿದ ಈ ಪ್ರೀತಿ ಮತ್ತು ಗೌರವ ನನ್ನ ಜವಾಬ್ದಾರಿಯನ್ನು ಮತ್ತಷ್ಟು ಹೆಚ್ಚಿಸಿದೆ," ಎಂದು ಭಾವನಾತ್ಮಕವಾಗಿ ನುಡಿದರು. ಈ ಸಂದರ್ಭದಲ್ಲಿ ಸಮಿತಿಯ ಸದಸ್ಯರಾದ ಸೂರ್ಯಕಾಂತ, ಪರ್ವತರೆಡ್ಡಿ ಪಾಟೀಲ್, ಮಲ್ಲಿಕಾರ್ಜುನ ಹಾಗೂ ಇತರರು ಉಪಸ್ಥಿತರಿದ್ದರು.

ಹೊಳಕಲ್, ಶಿವಲಿಂಗಪ್ಪಗೌಡ ಕೌಳಿಂಗನಾಡ, ರಾಜಶೇಖರ ಮುಡಿ ನಸ್ಸಾಳಿ, ವಿಶ್ವನಾಥ ರೆಡ್ಡಿ ಕೌಳ್ಳೂರ್, ಪ್ರವೀಣ ಉಪ್ಪಾರ, ದೇವಿಂದ್ರಪ್ಪ ಹವಾಲ್ದಾರ್, ಕಾಶೀನಾಥ ಶಾಹಬಾದ್, ನಿಂಗಣ್ಣ ಪೂಜಾರ ಬಬಲಾದ, ನಿಂಗಣ್ಣಗೌಡ ಪಾಟೀಲ ಜಾಲ್ಯಾಳ, ವೆಂಕಟೇಶ ಹೆಗ್ಗೆಣಗೇರ, ಬಸವರಾಜ ಆಡಕಿ ಸೇರಿದಂತೆ ಸಮಿತಿಯ ಪದಾಧಿಕಾರಿಗಳು ಹಾಗೂ ಕುಟುಂಬದ ಸದಸ್ಯರು ಉಪಸ್ಥಿತರಿದ್ದರು.

Printed by , Published by, Owned by : NAGAPPA MANNAPURI, Printed and Published at mannapuri printers and Publishers, H.No.5#3#2 Ambedkar circle near Gundina Hanumappa Temple Oni Devadurga Tq Devadurga dist Raichur 584111 Editor. NAGAPPA MANNAPURI
